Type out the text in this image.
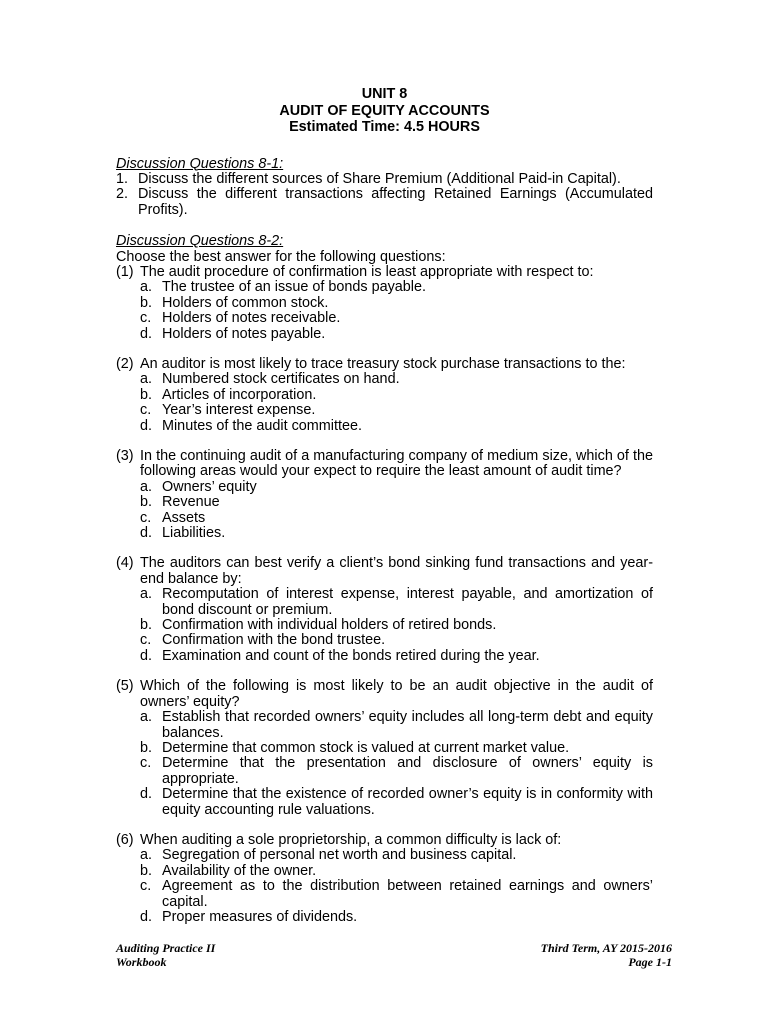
UNIT 8
AUDIT OF EQUITY ACCOUNTS
Estimated Time: 4.5 HOURS
Discussion Questions 8-1:
1. Discuss the different sources of Share Premium (Additional Paid-in Capital).
2. Discuss the different transactions affecting Retained Earnings (Accumulated Profits).
Discussion Questions 8-2:
Choose the best answer for the following questions:
(1) The audit procedure of confirmation is least appropriate with respect to:
a. The trustee of an issue of bonds payable.
b. Holders of common stock.
c. Holders of notes receivable.
d. Holders of notes payable.
(2) An auditor is most likely to trace treasury stock purchase transactions to the:
a. Numbered stock certificates on hand.
b. Articles of incorporation.
c. Year’s interest expense.
d. Minutes of the audit committee.
(3) In the continuing audit of a manufacturing company of medium size, which of the following areas would your expect to require the least amount of audit time?
a. Owners’ equity
b. Revenue
c. Assets
d. Liabilities.
(4) The auditors can best verify a client’s bond sinking fund transactions and year-end balance by:
a. Recomputation of interest expense, interest payable, and amortization of bond discount or premium.
b. Confirmation with individual holders of retired bonds.
c. Confirmation with the bond trustee.
d. Examination and count of the bonds retired during the year.
(5) Which of the following is most likely to be an audit objective in the audit of owners’ equity?
a. Establish that recorded owners’ equity includes all long-term debt and equity balances.
b. Determine that common stock is valued at current market value.
c. Determine that the presentation and disclosure of owners’ equity is appropriate.
d. Determine that the existence of recorded owner’s equity is in conformity with equity accounting rule valuations.
(6) When auditing a sole proprietorship, a common difficulty is lack of:
a. Segregation of personal net worth and business capital.
b. Availability of the owner.
c. Agreement as to the distribution between retained earnings and owners’ capital.
d. Proper measures of dividends.
Auditing Practice II
Workbook
Third Term, AY 2015-2016
Page 1-1
